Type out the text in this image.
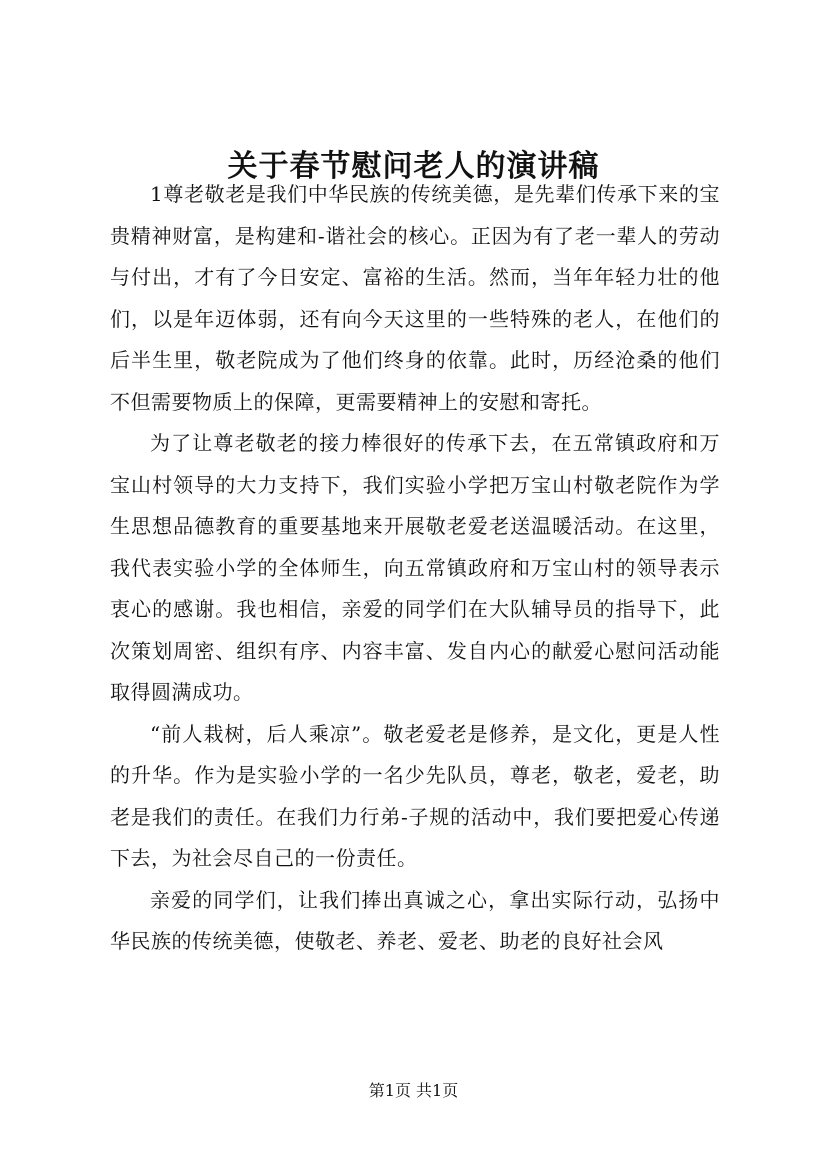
关于春节慰问老人的演讲稿

1尊老敬老是我们中华民族的传统美德，是先辈们传承下来的宝贵精神财富，是构建和-谐社会的核心。正因为有了老一辈人的劳动与付出，才有了今日安定、富裕的生活。然而，当年年轻力壮的他们，以是年迈体弱，还有向今天这里的一些特殊的老人，在他们的后半生里，敬老院成为了他们终身的依靠。此时，历经沧桑的他们不但需要物质上的保障，更需要精神上的安慰和寄托。

为了让尊老敬老的接力棒很好的传承下去，在五常镇政府和万宝山村领导的大力支持下，我们实验小学把万宝山村敬老院作为学生思想品德教育的重要基地来开展敬老爱老送温暖活动。在这里，我代表实验小学的全体师生，向五常镇政府和万宝山村的领导表示衷心的感谢。我也相信，亲爱的同学们在大队辅导员的指导下，此次策划周密、组织有序、内容丰富、发自内心的献爱心慰问活动能取得圆满成功。

“前人栽树，后人乘凉”。敬老爱老是修养，是文化，更是人性的升华。作为是实验小学的一名少先队员，尊老，敬老，爱老，助老是我们的责任。在我们力行弟-子规的活动中，我们要把爱心传递下去，为社会尽自己的一份责任。

亲爱的同学们，让我们捧出真诚之心，拿出实际行动，弘扬中华民族的传统美德，使敬老、养老、爱老、助老的良好社会风

第1页 共1页
